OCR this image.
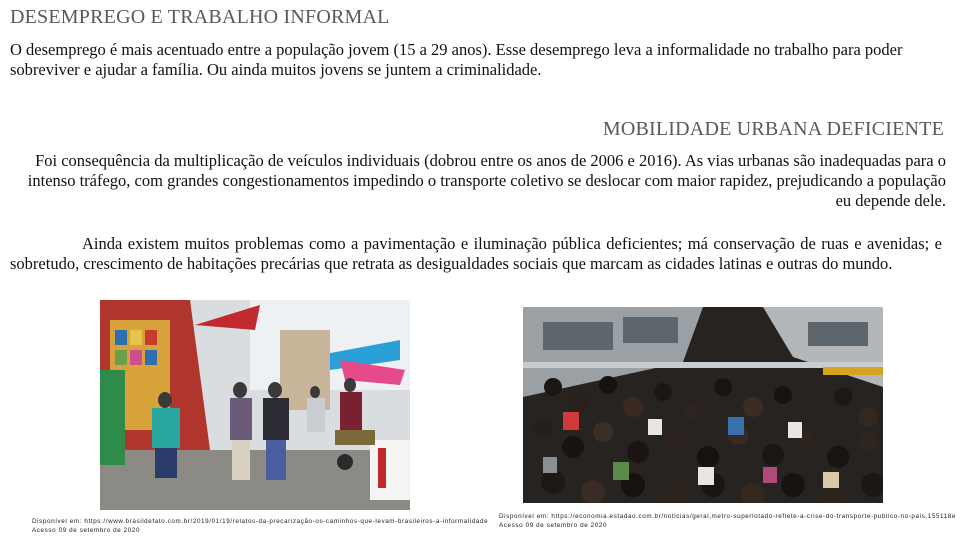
DESEMPREGO E TRABALHO INFORMAL
O desemprego é mais acentuado entre a população jovem (15 a 29 anos). Esse desemprego leva a informalidade no trabalho para poder sobreviver e ajudar a família. Ou ainda muitos jovens se juntem a criminalidade.
MOBILIDADE URBANA DEFICIENTE
Foi consequência da multiplicação de veículos individuais (dobrou entre os anos de 2006 e 2016). As vias urbanas são inadequadas para o intenso tráfego, com grandes congestionamentos impedindo o transporte coletivo se deslocar com maior rapidez, prejudicando a população eu depende dele.
Ainda existem muitos problemas como a pavimentação e iluminação pública deficientes; má conservação de ruas e avenidas; e sobretudo, crescimento de habitações precárias que retrata as desigualdades sociais que marcam as cidades latinas e outras do mundo.
Disponível em: https://www.brasildefato.com.br/2019/01/19/relatos-da-precarização-os-caminhos-que-levam-brasileiros-a-informalidade
Acesso 09 de setembro de 2020
Disponível em: https://economia.estadao.com.br/noticias/geral,metro-superlotado-reflete-a-crise-do-transporte-publico-no-pais,155118e
Acesso 09 de setembro de 2020
